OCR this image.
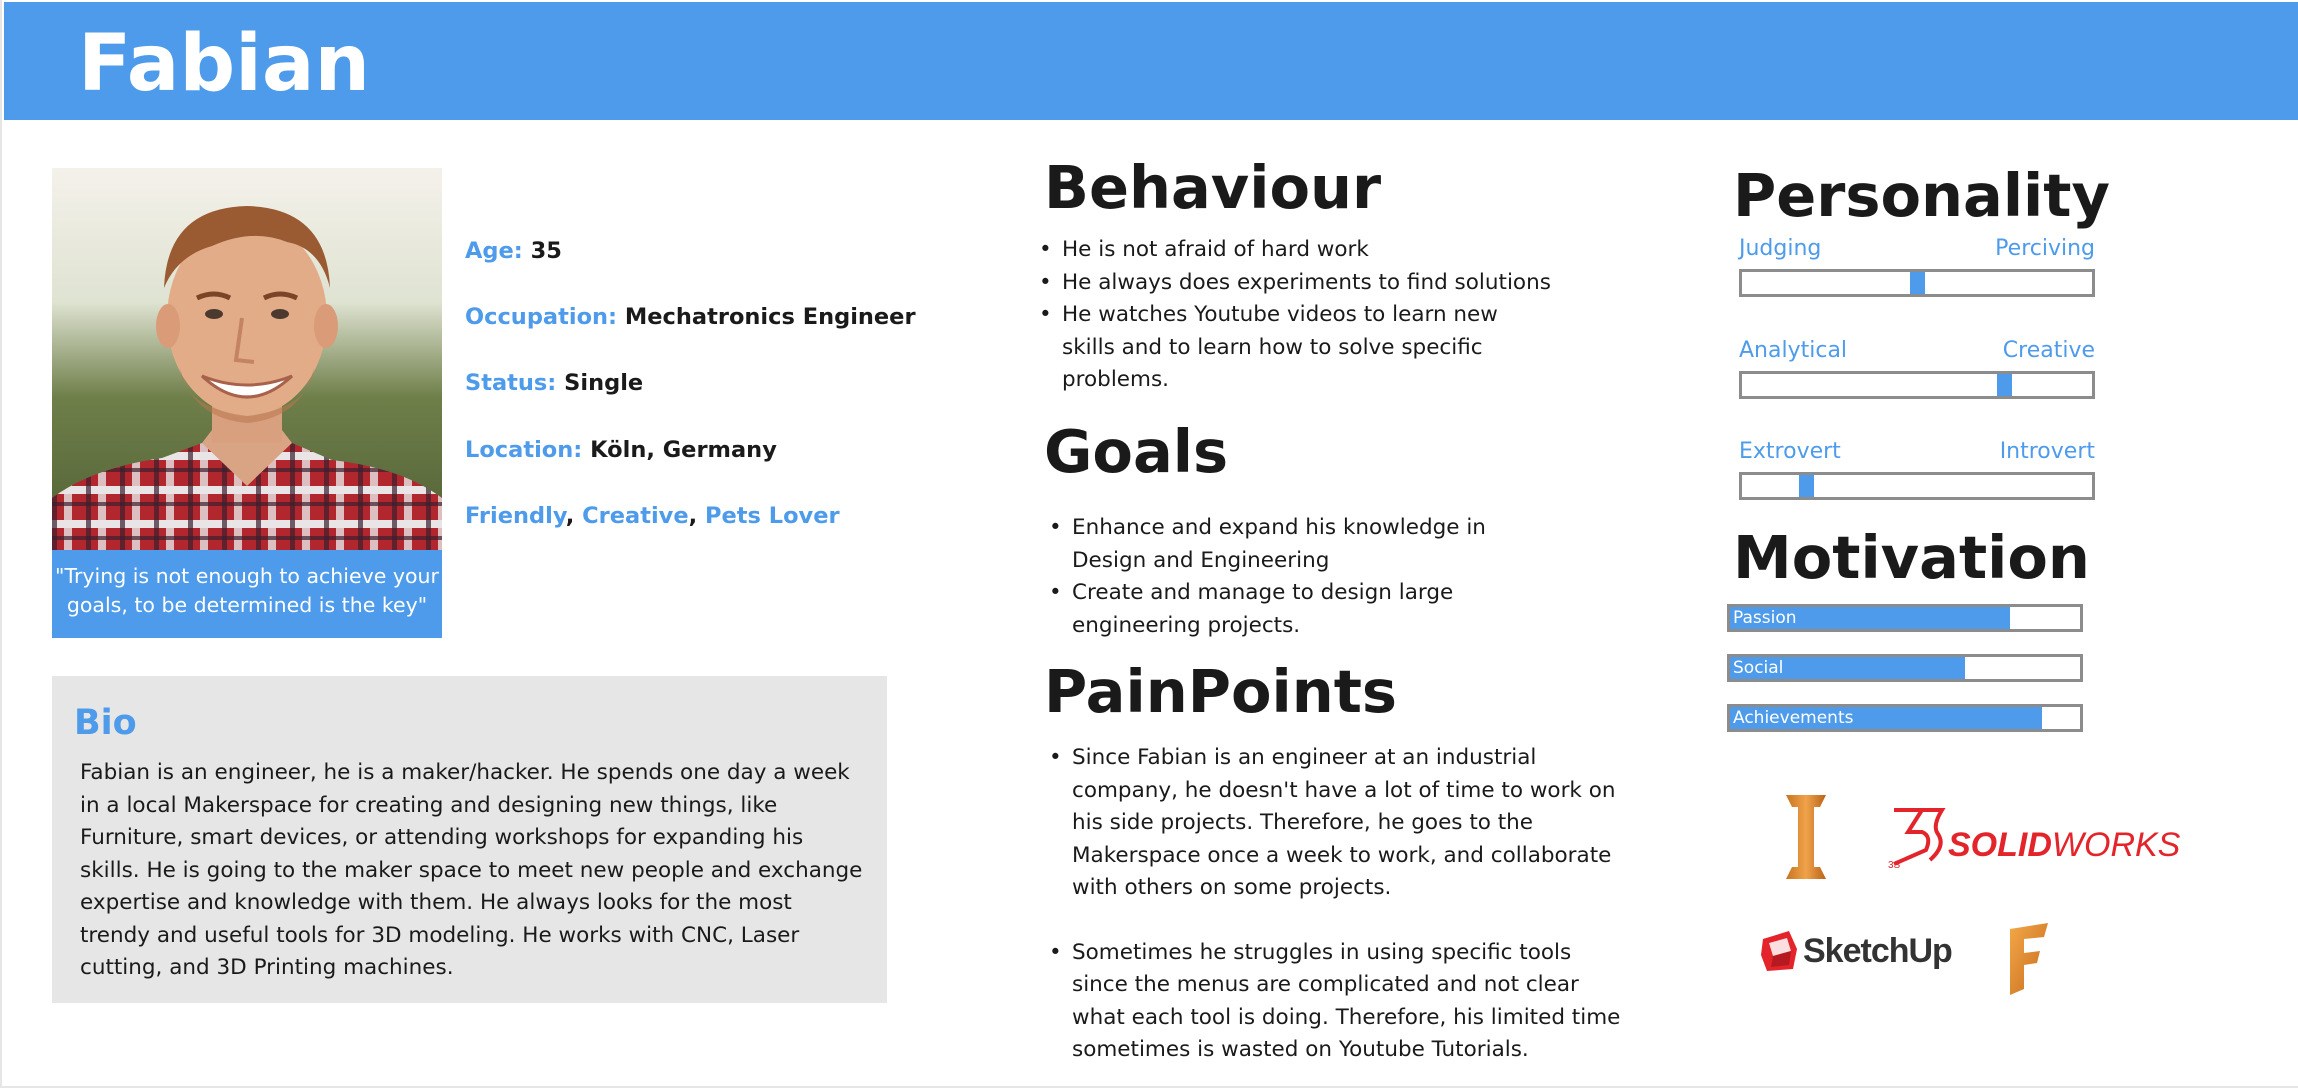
Fabian
"Trying is not enough to achieve your
goals, to be determined is the key"
Age: 35
Occupation: Mechatronics Engineer
Status: Single
Location: Köln, Germany
Friendly, Creative, Pets Lover
Bio
Fabian is an engineer, he is a maker/hacker. He spends one day a week
in a local Makerspace for creating and designing new things, like
Furniture, smart devices, or attending workshops for expanding his
skills. He is going to the maker space to meet new people and exchange
expertise and knowledge with them. He always looks for the most
trendy and useful tools for 3D modeling. He works with CNC, Laser
cutting, and 3D Printing machines.
Behaviour
• He is not afraid of hard work
• He always does experiments to find solutions
• He watches Youtube videos to learn new
skills and to learn how to solve specific
problems.
Goals
• Enhance and expand his knowledge in
Design and Engineering
• Create and manage to design large
engineering projects.
PainPoints
• Since Fabian is an engineer at an industrial
company, he doesn't have a lot of time to work on
his side projects. Therefore, he goes to the
Makerspace once a week to work, and collaborate
with others on some projects.
• Sometimes he struggles in using specific tools
since the menus are complicated and not clear
what each tool is doing. Therefore, his limited time
sometimes is wasted on Youtube Tutorials.
Personality
Judging	Perciving
Analytical	Creative
Extrovert	Introvert
Motivation
Passion
Social
Achievements
3S
SOLIDWORKS
SketchUp
